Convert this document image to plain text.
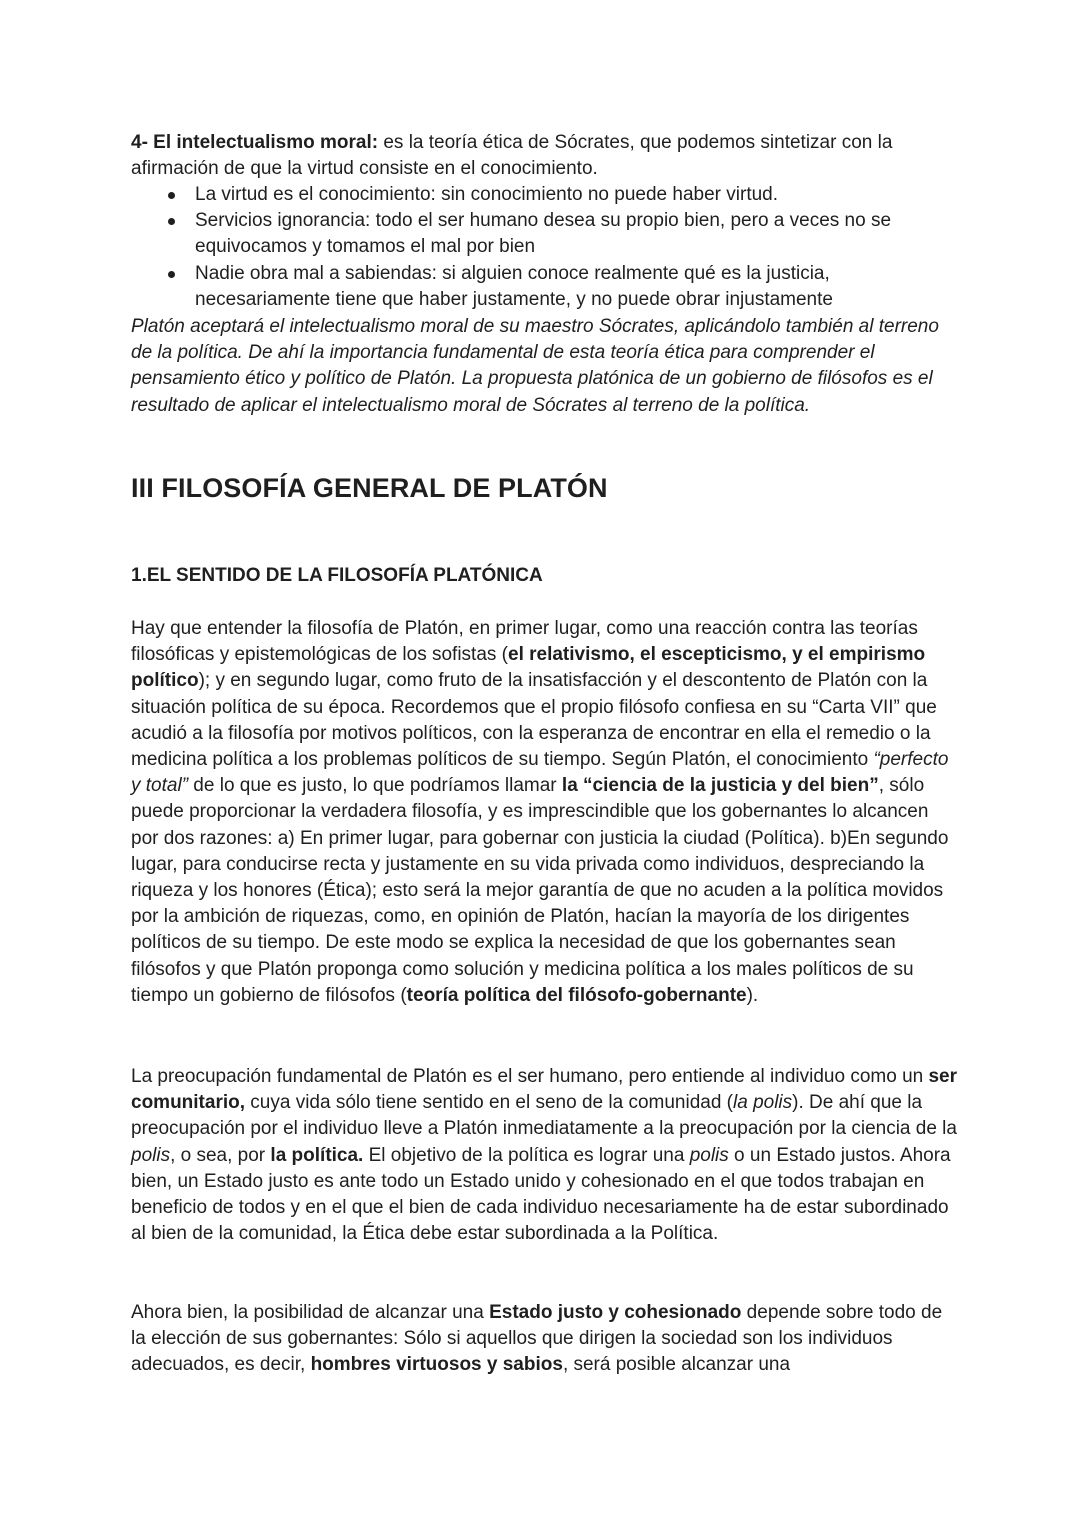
4- El intelectualismo moral: es la teoría ética de Sócrates, que podemos sintetizar con la afirmación de que la virtud consiste en el conocimiento.

La virtud es el conocimiento: sin conocimiento no puede haber virtud.
Servicios ignorancia: todo el ser humano desea su propio bien, pero a veces no se equivocamos y tomamos el mal por bien
Nadie obra mal a sabiendas: si alguien conoce realmente qué es la justicia, necesariamente tiene que haber justamente, y no puede obrar injustamente

Platón aceptará el intelectualismo moral de su maestro Sócrates, aplicándolo también al terreno de la política. De ahí la importancia fundamental de esta teoría ética para comprender el pensamiento ético y político de Platón. La propuesta platónica de un gobierno de filósofos es el resultado de aplicar el intelectualismo moral de Sócrates al terreno de la política.

III FILOSOFÍA GENERAL DE PLATÓN
1.EL SENTIDO DE LA FILOSOFÍA PLATÓNICA

Hay que entender la filosofía de Platón, en primer lugar, como una reacción contra las teorías filosóficas y epistemológicas de los sofistas (el relativismo, el escepticismo, y el empirismo político); y en segundo lugar, como fruto de la insatisfacción y el descontento de Platón con la situación política de su época. Recordemos que el propio filósofo confiesa en su “Carta VII” que acudió a la filosofía por motivos políticos, con la esperanza de encontrar en ella el remedio o la medicina política a los problemas políticos de su tiempo. Según Platón, el conocimiento “perfecto y total” de lo que es justo, lo que podríamos llamar la “ciencia de la justicia y del bien”, sólo puede proporcionar la verdadera filosofía, y es imprescindible que los gobernantes lo alcancen por dos razones: a) En primer lugar, para gobernar con justicia la ciudad (Política). b)En segundo lugar, para conducirse recta y justamente en su vida privada como individuos, despreciando la riqueza y los honores (Ética); esto será la mejor garantía de que no acuden a la política movidos por la ambición de riquezas, como, en opinión de Platón, hacían la mayoría de los dirigentes políticos de su tiempo. De este modo se explica la necesidad de que los gobernantes sean filósofos y que Platón proponga como solución y medicina política a los males políticos de su tiempo un gobierno de filósofos (teoría política del filósofo-gobernante).

La preocupación fundamental de Platón es el ser humano, pero entiende al individuo como un ser comunitario, cuya vida sólo tiene sentido en el seno de la comunidad (la polis). De ahí que la preocupación por el individuo lleve a Platón inmediatamente a la preocupación por la ciencia de la polis, o sea, por la política. El objetivo de la política es lograr una polis o un Estado justos. Ahora bien, un Estado justo es ante todo un Estado unido y cohesionado en el que todos trabajan en beneficio de todos y en el que el bien de cada individuo necesariamente ha de estar subordinado al bien de la comunidad, la Ética debe estar subordinada a la Política.

Ahora bien, la posibilidad de alcanzar una Estado justo y cohesionado depende sobre todo de la elección de sus gobernantes: Sólo si aquellos que dirigen la sociedad son los individuos adecuados, es decir, hombres virtuosos y sabios, será posible alcanzar una
